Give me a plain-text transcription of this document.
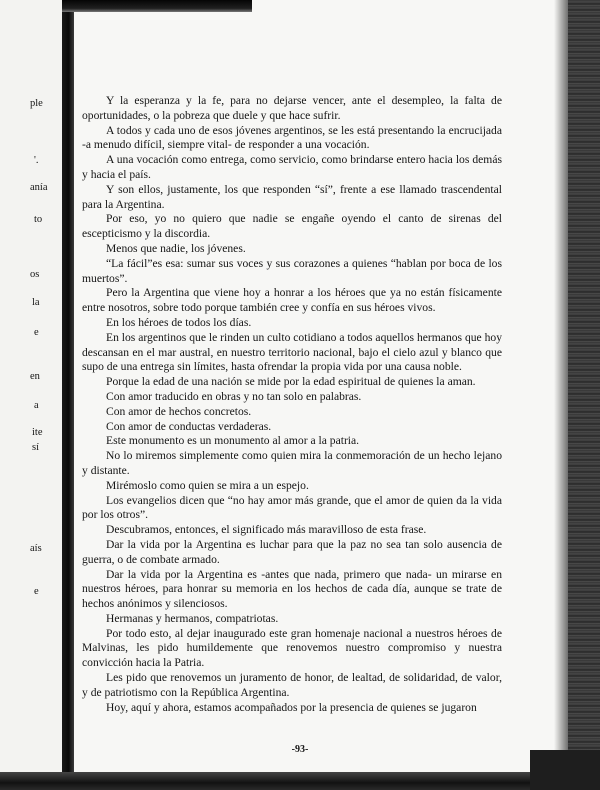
ple
'.
anía
to
os
la
e
en
a
ite
sí
aís
e

Y la esperanza y la fe, para no dejarse vencer, ante el desempleo, la falta de oportunidades, o la pobreza que duele y que hace sufrir.

A todos y cada uno de esos jóvenes argentinos, se les está presentando la encrucijada -a menudo difícil, siempre vital- de responder a una vocación.

A una vocación como entrega, como servicio, como brindarse entero hacia los demás y hacia el país.

Y son ellos, justamente, los que responden “sí”, frente a ese llamado trascendental para la Argentina.

Por eso, yo no quiero que nadie se engañe oyendo el canto de sirenas del escepticismo y la discordia.

Menos que nadie, los jóvenes.

“La fácil”es esa: sumar sus voces y sus corazones a quienes “hablan por boca de los muertos”.

Pero la Argentina que viene hoy a honrar a los héroes que ya no están físicamente entre nosotros, sobre todo porque también cree y confía en sus héroes vivos.

En los héroes de todos los días.

En los argentinos que le rinden un culto cotidiano a todos aquellos hermanos que hoy descansan en el mar austral, en nuestro territorio nacional, bajo el cielo azul y blanco que supo de una entrega sin límites, hasta ofrendar la propia vida por una causa noble.

Porque la edad de una nación se mide por la edad espiritual de quienes la aman.

Con amor traducido en obras y no tan solo en palabras.

Con amor de hechos concretos.

Con amor de conductas verdaderas.

Este monumento es un monumento al amor a la patria.

No lo miremos simplemente como quien mira la conmemoración de un hecho lejano y distante.

Mirémoslo como quien se mira a un espejo.

Los evangelios dicen que “no hay amor más grande, que el amor de quien da la vida por los otros”.

Descubramos, entonces, el significado más maravilloso de esta frase.

Dar la vida por la Argentina es luchar para que la paz no sea tan solo ausencia de guerra, o de combate armado.

Dar la vida por la Argentina es -antes que nada, primero que nada- un mirarse en nuestros héroes, para honrar su memoria en los hechos de cada día, aunque se trate de hechos anónimos y silenciosos.

Hermanas y hermanos, compatriotas.

Por todo esto, al dejar inaugurado este gran homenaje nacional a nuestros héroes de Malvinas, les pido humildemente que renovemos nuestro compromiso y nuestra convicción hacia la Patria.

Les pido que renovemos un juramento de honor, de lealtad, de solidaridad, de valor, y de patriotismo con la República Argentina.

Hoy, aquí y ahora, estamos acompañados por la presencia de quienes se jugaron

-93-
